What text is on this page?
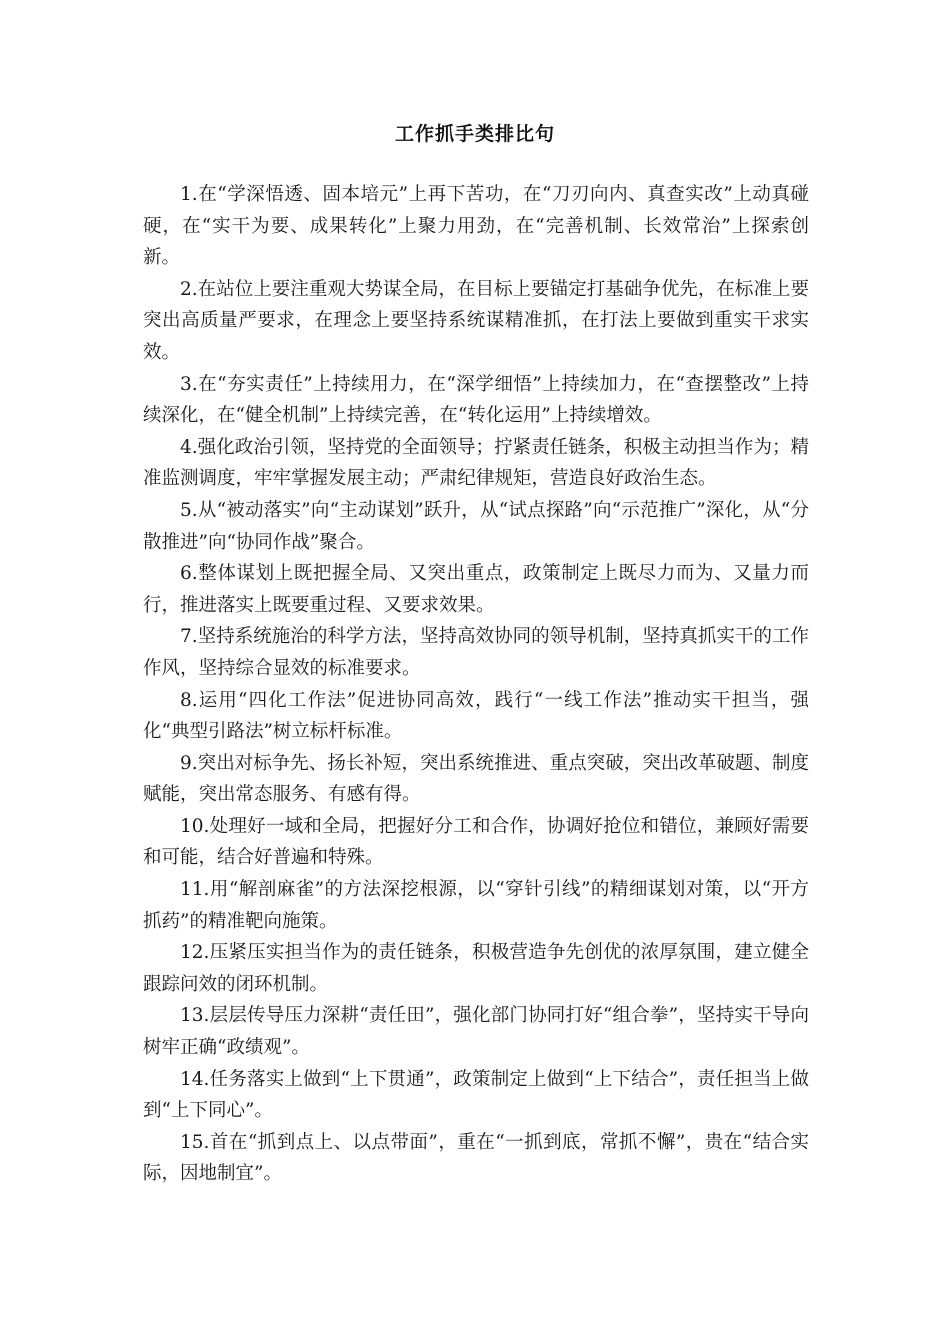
工作抓手类排比句

1.在“学深悟透、固本培元”上再下苦功，在“刀刃向内、真查实改”上动真碰硬，在“实干为要、成果转化”上聚力用劲，在“完善机制、长效常治”上探索创新。

2.在站位上要注重观大势谋全局，在目标上要锚定打基础争优先，在标准上要突出高质量严要求，在理念上要坚持系统谋精准抓，在打法上要做到重实干求实效。

3.在“夯实责任”上持续用力，在“深学细悟”上持续加力，在“查摆整改”上持续深化，在“健全机制”上持续完善，在“转化运用”上持续增效。

4.强化政治引领，坚持党的全面领导；拧紧责任链条，积极主动担当作为；精准监测调度，牢牢掌握发展主动；严肃纪律规矩，营造良好政治生态。

5.从“被动落实”向“主动谋划”跃升，从“试点探路”向“示范推广”深化，从“分散推进”向“协同作战”聚合。

6.整体谋划上既把握全局、又突出重点，政策制定上既尽力而为、又量力而行，推进落实上既要重过程、又要求效果。

7.坚持系统施治的科学方法，坚持高效协同的领导机制，坚持真抓实干的工作作风，坚持综合显效的标准要求。

8.运用“四化工作法”促进协同高效，践行“一线工作法”推动实干担当，强化“典型引路法”树立标杆标准。

9.突出对标争先、扬长补短，突出系统推进、重点突破，突出改革破题、制度赋能，突出常态服务、有感有得。

10.处理好一域和全局，把握好分工和合作，协调好抢位和错位，兼顾好需要和可能，结合好普遍和特殊。

11.用“解剖麻雀”的方法深挖根源，以“穿针引线”的精细谋划对策，以“开方抓药”的精准靶向施策。

12.压紧压实担当作为的责任链条，积极营造争先创优的浓厚氛围，建立健全跟踪问效的闭环机制。

13.层层传导压力深耕“责任田”，强化部门协同打好“组合拳”，坚持实干导向树牢正确“政绩观”。

14.任务落实上做到“上下贯通”，政策制定上做到“上下结合”，责任担当上做到“上下同心”。

15.首在“抓到点上、以点带面”，重在“一抓到底，常抓不懈”，贵在“结合实际，因地制宜”。
